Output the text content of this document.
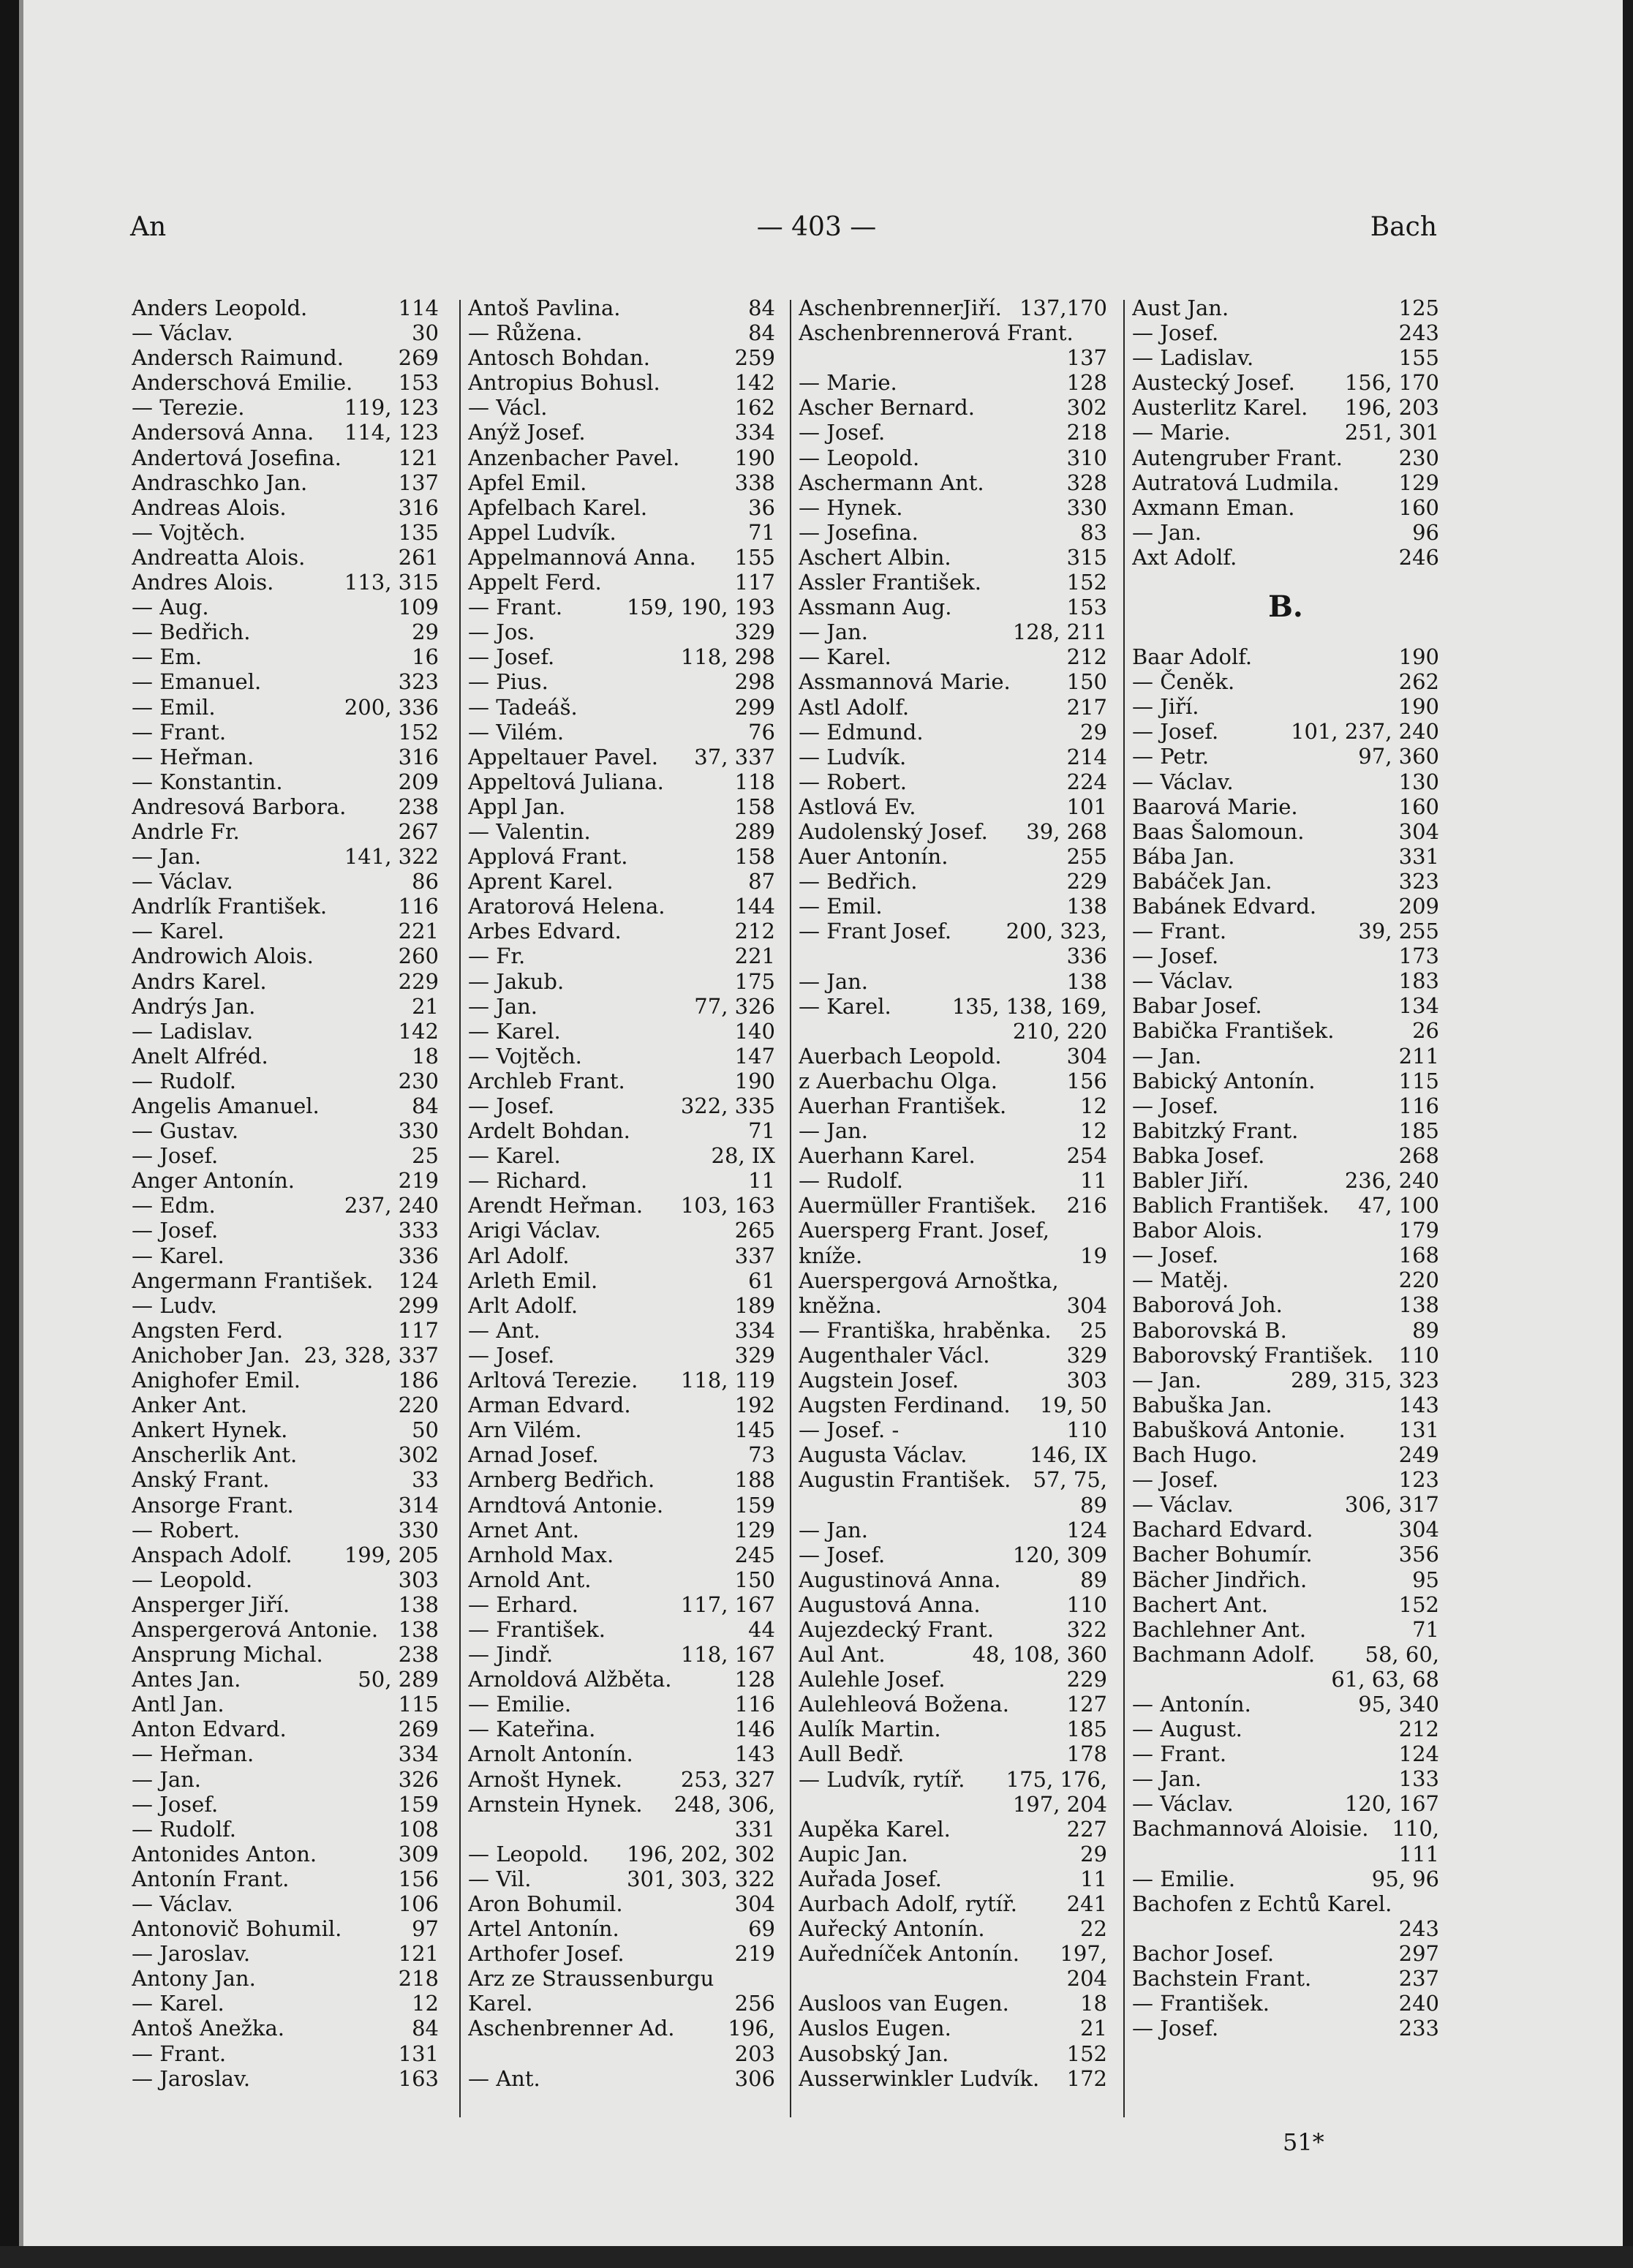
— 403 —
An	Bach
Anders Leopold.	114
— Václav.	30
Andersch Raimund.	269
Anderschová Emilie.	153
— Terezie.	119, 123
Andersová Anna.	114, 123
Andertová Josefina.	121
Andraschko Jan.	137
Andreas Alois.	316
— Vojtěch.	135
Andreatta Alois.	261
Andres Alois.	113, 315
— Aug.	109
— Bedřich.	29
— Em.	16
— Emanuel.	323
— Emil.	200, 336
— Frant.	152
— Heřman.	316
— Konstantin.	209
Andresová Barbora.	238
Andrle Fr.	267
— Jan.	141, 322
— Václav.	86
Andrlík František.	116
— Karel.	221
Androwich Alois.	260
Andrs Karel.	229
Andrýs Jan.	21
— Ladislav.	142
Anelt Alfréd.	18
— Rudolf.	230
Angelis Amanuel.	84
— Gustav.	330
— Josef.	25
Anger Antonín.	219
— Edm.	237, 240
— Josef.	333
— Karel.	336
Angermann František.	124
— Ludv.	299
Angsten Ferd.	117
Anichober Jan. 23, 328, 337
Anighofer Emil.	186
Anker Ant.	220
Ankert Hynek.	50
Anscherlik Ant.	302
Anský Frant.	33
Ansorge Frant.	314
— Robert.	330
Anspach Adolf.	199, 205
— Leopold.	303
Ansperger Jiří.	138
Anspergerová Antonie. 138
Ansprung Michal.	238
Antes Jan.	50, 289
Antl Jan.	115
Anton Edvard.	269
— Heřman.	334
— Jan.	326
— Josef.	159
— Rudolf.	108
Antonides Anton.	309
Antonín Frant.	156
— Václav.	106
Antonovič Bohumil.	97
— Jaroslav.	121
Antony Jan.	218
— Karel.	12
Antoš Anežka.	84
— Frant.	131
— Jaroslav.	163
Antoš Pavlina.	84
— Růžena.	84
Antosch Bohdan.	259
Antropius Bohusl.	142
— Václ.	162
Anýž Josef.	334
Anzenbacher Pavel.	190
Apfel Emil.	338
Apfelbach Karel.	36
Appel Ludvík.	71
Appelmannová Anna.	155
Appelt Ferd.	117
— Frant.	159, 190, 193
— Jos.	329
— Josef.	118, 298
— Pius.	298
— Tadeáš.	299
— Vilém.	76
Appeltauer Pavel.	37, 337
Appeltová Juliana.	118
Appl Jan.	158
— Valentin.	289
Applová Frant.	158
Aprent Karel.	87
Aratorová Helena.	144
Arbes Edvard.	212
— Fr.	221
— Jakub.	175
— Jan.	77, 326
— Karel.	140
— Vojtěch.	147
Archleb Frant.	190
— Josef.	322, 335
Ardelt Bohdan.	71
— Karel.	28, IX
— Richard.	11
Arendt Heřman.	103, 163
Arigi Václav.	265
Arl Adolf.	337
Arleth Emil.	61
Arlt Adolf.	189
— Ant.	334
— Josef.	329
Arltová Terezie.	118, 119
Arman Edvard.	192
Arn Vilém.	145
Arnad Josef.	73
Arnberg Bedřich.	188
Arndtová Antonie.	159
Arnet Ant.	129
Arnhold Max.	245
Arnold Ant.	150
— Erhard.	117, 167
— František.	44
— Jindř.	118, 167
Arnoldová Alžběta.	128
— Emilie.	116
— Kateřina.	146
Arnolt Antonín.	143
Arnošt Hynek.	253, 327
Arnstein Hynek.	248, 306,
331
— Leopold.	196, 202, 302
— Vil.	301, 303, 322
Aron Bohumil.	304
Artel Antonín.	69
Arthofer Josef.	219
Arz ze Straussenburgu
Karel.	256
Aschenbrenner Ad.	196,
203
— Ant.	306
AschenbrennerJiří. 137,170
Aschenbrennerová Frant.
137
— Marie.	128
Ascher Bernard.	302
— Josef.	218
— Leopold.	310
Aschermann Ant.	328
— Hynek.	330
— Josefina.	83
Aschert Albin.	315
Assler František.	152
Assmann Aug.	153
— Jan.	128, 211
— Karel.	212
Assmannová Marie.	150
Astl Adolf.	217
— Edmund.	29
— Ludvík.	214
— Robert.	224
Astlová Ev.	101
Audolenský Josef.	39, 268
Auer Antonín.	255
— Bedřich.	229
— Emil.	138
— Frant Josef.	200, 323,
336
— Jan.	138
— Karel.	135, 138, 169,
210, 220
Auerbach Leopold.	304
z Auerbachu Olga.	156
Auerhan František.	12
— Jan.	12
Auerhann Karel.	254
— Rudolf.	11
Auermüller František.	216
Auersperg Frant. Josef,
kníže.	19
Auerspergová Arnoštka,
kněžna.	304
— Františka, hraběnka.	25
Augenthaler Václ.	329
Augstein Josef.	303
Augsten Ferdinand.	19, 50
— Josef. -	110
Augusta Václav.	146, IX
Augustin František.	57, 75,
89
— Jan.	124
— Josef.	120, 309
Augustinová Anna.	89
Augustová Anna.	110
Aujezdecký Frant.	322
Aul Ant.	48, 108, 360
Aulehle Josef.	229
Aulehleová Božena.	127
Aulík Martin.	185
Aull Bedř.	178
— Ludvík, rytíř.	175, 176,
197, 204
Aupěka Karel.	227
Aupic Jan.	29
Auřada Josef.	11
Aurbach Adolf, rytíř.	241
Auřecký Antonín.	22
Auředníček Antonín.	197,
204
Ausloos van Eugen.	18
Auslos Eugen.	21
Ausobský Jan.	152
Ausserwinkler Ludvík.	172
Aust Jan.	125
— Josef.	243
— Ladislav.	155
Austecký Josef.	156, 170
Austerlitz Karel.	196, 203
— Marie.	251, 301
Autengruber Frant.	230
Autratová Ludmila.	129
Axmann Eman.	160
— Jan.	96
Axt Adolf.	246
B.
Baar Adolf.	190
— Čeněk.	262
— Jiří.	190
— Josef.	101, 237, 240
— Petr.	97, 360
— Václav.	130
Baarová Marie.	160
Baas Šalomoun.	304
Bába Jan.	331
Babáček Jan.	323
Babánek Edvard.	209
— Frant.	39, 255
— Josef.	173
— Václav.	183
Babar Josef.	134
Babička František.	26
— Jan.	211
Babický Antonín.	115
— Josef.	116
Babitzký Frant.	185
Babka Josef.	268
Babler Jiří.	236, 240
Bablich František.	47, 100
Babor Alois.	179
— Josef.	168
— Matěj.	220
Baborová Joh.	138
Baborovská B.	89
Baborovský František.	110
— Jan.	289, 315, 323
Babuška Jan.	143
Babušková Antonie.	131
Bach Hugo.	249
— Josef.	123
— Václav.	306, 317
Bachard Edvard.	304
Bacher Bohumír.	356
Bächer Jindřich.	95
Bachert Ant.	152
Bachlehner Ant.	71
Bachmann Adolf.	58, 60,
61, 63, 68
— Antonín.	95, 340
— August.	212
— Frant.	124
— Jan.	133
— Václav.	120, 167
Bachmannová Aloisie.	110,
111
— Emilie.	95, 96
Bachofen z Echtů Karel.
243
Bachor Josef.	297
Bachstein Frant.	237
— František.	240
— Josef.	233
51*
